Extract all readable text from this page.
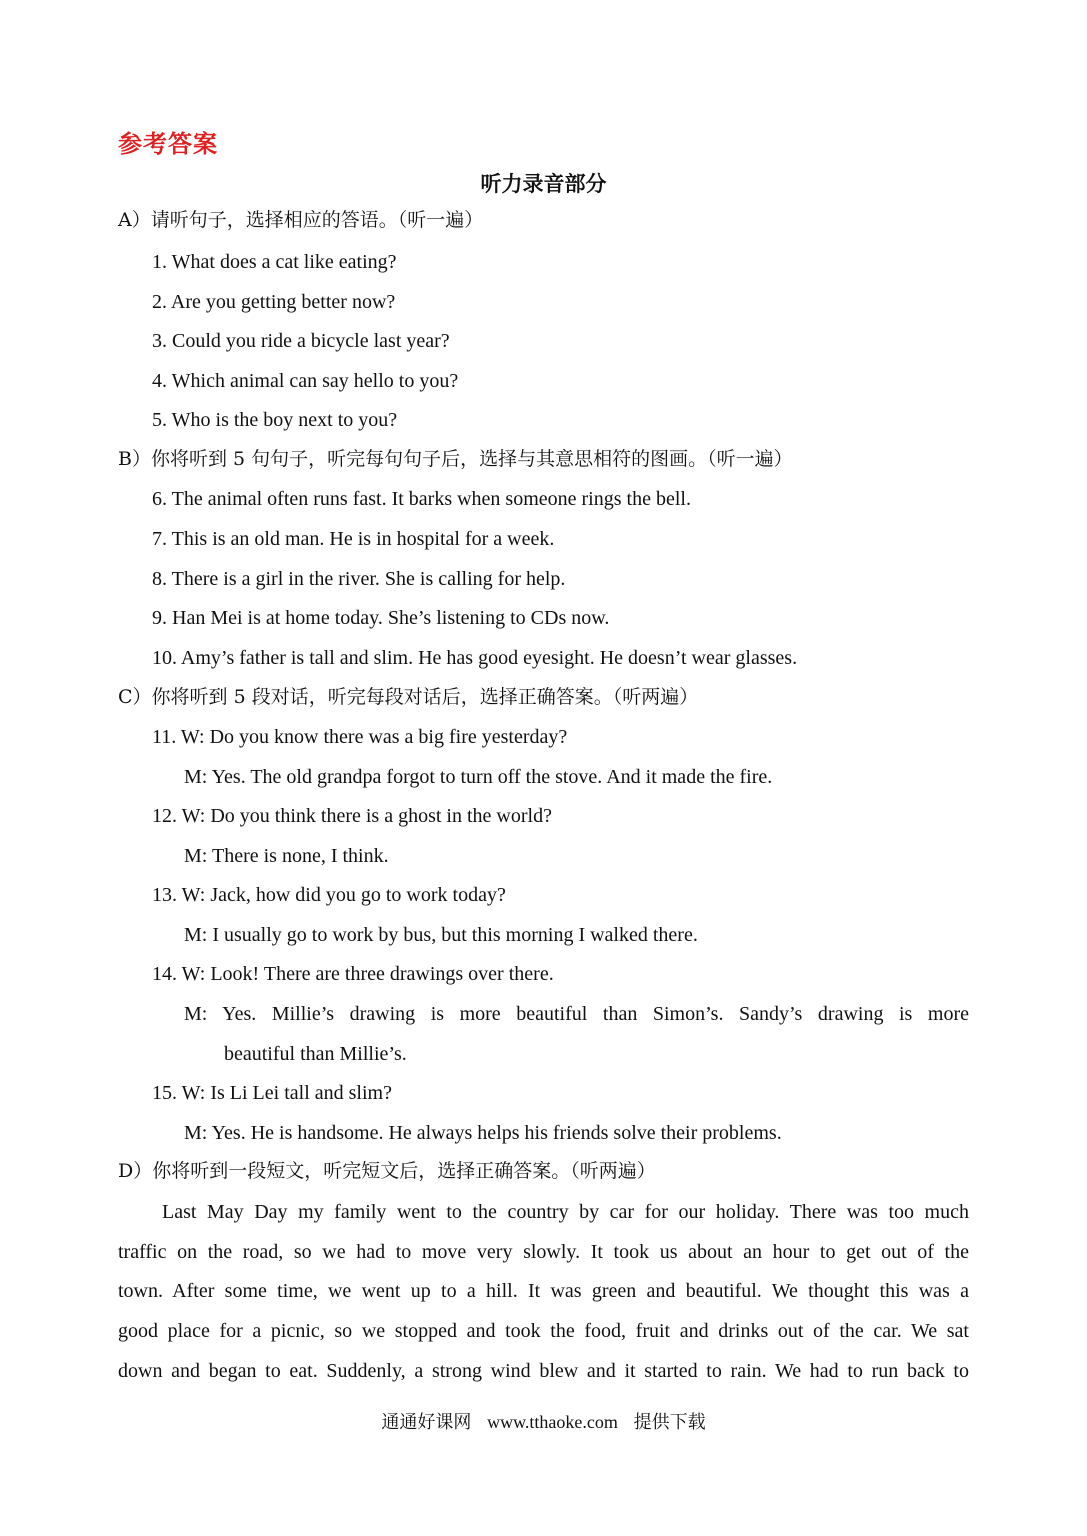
参考答案
听力录音部分
A）请听句子，选择相应的答语。（听一遍）
1. What does a cat like eating?
2. Are you getting better now?
3. Could you ride a bicycle last year?
4. Which animal can say hello to you?
5. Who is the boy next to you?
B）你将听到 5 句句子，听完每句句子后，选择与其意思相符的图画。（听一遍）
6. The animal often runs fast. It barks when someone rings the bell.
7. This is an old man. He is in hospital for a week.
8. There is a girl in the river. She is calling for help.
9. Han Mei is at home today. She’s listening to CDs now.
10. Amy’s father is tall and slim. He has good eyesight. He doesn’t wear glasses.
C）你将听到 5 段对话，听完每段对话后，选择正确答案。（听两遍）
11. W: Do you know there was a big fire yesterday?
M: Yes. The old grandpa forgot to turn off the stove. And it made the fire.
12. W: Do you think there is a ghost in the world?
M: There is none, I think.
13. W: Jack, how did you go to work today?
M: I usually go to work by bus, but this morning I walked there.
14. W: Look! There are three drawings over there.
M: Yes. Millie’s drawing is more beautiful than Simon’s. Sandy’s drawing is more
beautiful than Millie’s.
15. W: Is Li Lei tall and slim?
M: Yes. He is handsome. He always helps his friends solve their problems.
D）你将听到一段短文，听完短文后，选择正确答案。（听两遍）
Last May Day my family went to the country by car for our holiday. There was too much
traffic on the road, so we had to move very slowly. It took us about an hour to get out of the
town. After some time, we went up to a hill. It was green and beautiful. We thought this was a
good place for a picnic, so we stopped and took the food, fruit and drinks out of the car. We sat
down and began to eat. Suddenly, a strong wind blew and it started to rain. We had to run back to
通通好课网 www.tthaoke.com 提供下载
